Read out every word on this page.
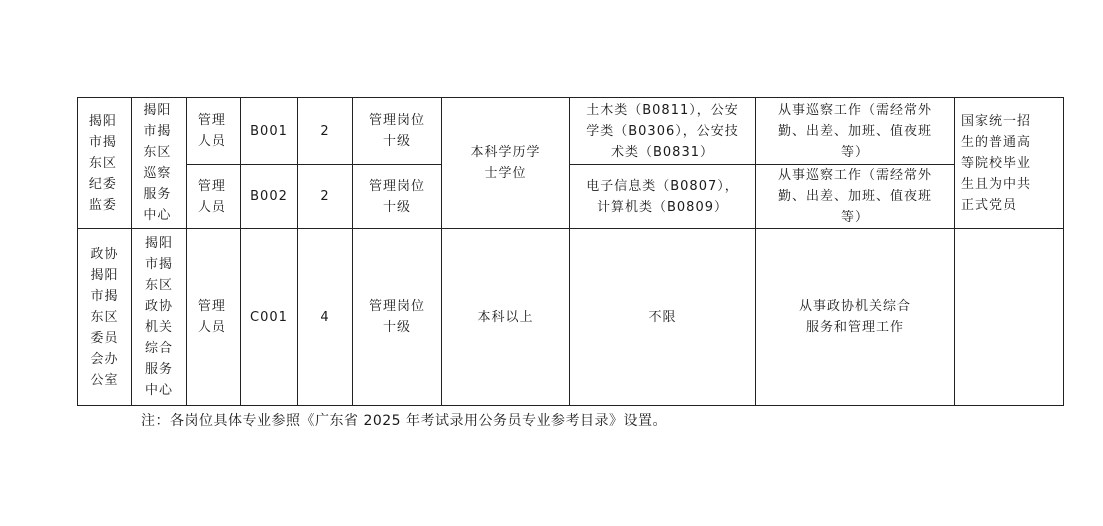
揭阳市揭东区纪委监委	揭阳市揭东区巡察服务中心	管理人员	B001	2	管理岗位十级	本科学历学士学位	土木类（B0811），公安学类（B0306），公安技术类（B0831）	从事巡察工作（需经常外勤、出差、加班、值夜班等）	国家统一招生的普通高等院校毕业生且为中共正式党员
		管理人员	B002	2	管理岗位十级		电子信息类（B0807），计算机类（B0809）	从事巡察工作（需经常外勤、出差、加班、值夜班等）	
政协揭阳市揭东区委员会办公室	揭阳市揭东区政协机关综合服务中心	管理人员	C001	4	管理岗位十级	本科以上	不限	从事政协机关综合服务和管理工作	
注：各岗位具体专业参照《广东省 2025 年考试录用公务员专业参考目录》设置。
